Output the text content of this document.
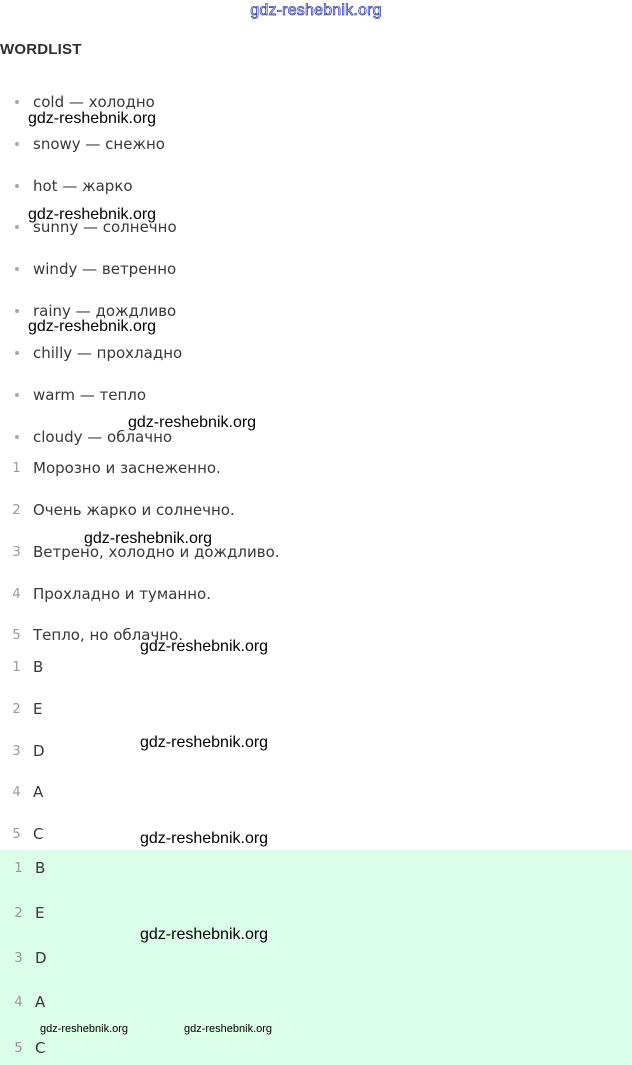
gdz-reshebnik.org
WORDLIST
cold — холодно
snowy — снежно
hot — жарко
sunny — солнечно
windy — ветренно
rainy — дождливо
chilly — прохладно
warm — тепло
cloudy — облачно
1 Морозно и заснеженно.
2 Очень жарко и солнечно.
3 Ветрено, холодно и дождливо.
4 Прохладно и туманно.
5 Тепло, но облачно.
1 B
2 E
3 D
4 A
5 C
1 B
2 E
3 D
4 A
5 C
gdz-reshebnik.org
gdz-reshebnik.org
gdz-reshebnik.org
gdz-reshebnik.org
gdz-reshebnik.org
gdz-reshebnik.org
gdz-reshebnik.org
gdz-reshebnik.org
gdz-reshebnik.org
gdz-reshebnik.org	gdz-reshebnik.org
